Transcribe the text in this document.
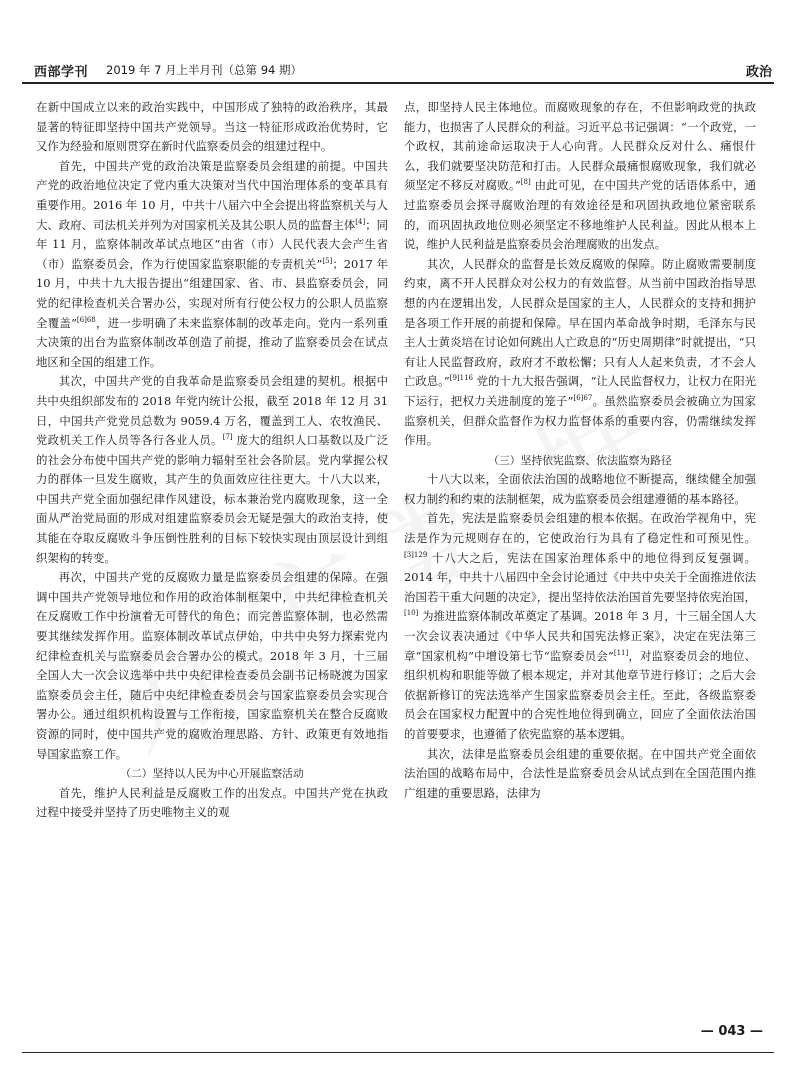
西部学刊 2019 年 7 月上半月刊（总第 94 期）	政治

在新中国成立以来的政治实践中，中国形成了独特的政治秩序，其最显著的特征即坚持中国共产党领导。当这一特征形成政治优势时，它又作为经验和原则贯穿在新时代监察委员会的组建过程中。

首先，中国共产党的政治决策是监察委员会组建的前提。中国共产党的政治地位决定了党内重大决策对当代中国治理体系的变革具有重要作用。2016 年 10 月，中共十八届六中全会提出将监察机关与人大、政府、司法机关并列为对国家机关及其公职人员的监督主体[4]；同年 11 月，监察体制改革试点地区“由省（市）人民代表大会产生省（市）监察委员会，作为行使国家监察职能的专责机关”[5]；2017 年 10 月，中共十九大报告提出“组建国家、省、市、县监察委员会，同党的纪律检查机关合署办公，实现对所有行使公权力的公职人员监察全覆盖”$^{[6]68}$，进一步明确了未来监察体制的改革走向。党内一系列重大决策的出台为监察体制改革创造了前提，推动了监察委员会在试点地区和全国的组建工作。

其次，中国共产党的自我革命是监察委员会组建的契机。根据中共中央组织部发布的 2018 年党内统计公报，截至 2018 年 12 月 31 日，中国共产党党员总数为 9059.4 万名，覆盖到工人、农牧渔民、党政机关工作人员等各行各业人员。[7] 庞大的组织人口基数以及广泛的社会分布使中国共产党的影响力辐射至社会各阶层。党内掌握公权力的群体一旦发生腐败，其产生的负面效应往往更大。十八大以来，中国共产党全面加强纪律作风建设，标本兼治党内腐败现象，这一全面从严治党局面的形成对组建监察委员会无疑是强大的政治支持，使其能在夺取反腐败斗争压倒性胜利的目标下较快实现由顶层设计到组织架构的转变。

再次，中国共产党的反腐败力量是监察委员会组建的保障。在强调中国共产党领导地位和作用的政治体制框架中，中共纪律检查机关在反腐败工作中扮演着无可替代的角色；而完善监察体制，也必然需要其继续发挥作用。监察体制改革试点伊始，中共中央努力探索党内纪律检查机关与监察委员会合署办公的模式。2018 年 3 月，十三届全国人大一次会议选举中共中央纪律检查委员会副书记杨晓渡为国家监察委员会主任，随后中央纪律检查委员会与国家监察委员会实现合署办公。通过组织机构设置与工作衔接，国家监察机关在整合反腐败资源的同时，使中国共产党的腐败治理思路、方针、政策更有效地指导国家监察工作。

（二）坚持以人民为中心开展监察活动

首先，维护人民利益是反腐败工作的出发点。中国共产党在执政过程中接受并坚持了历史唯物主义的观

点，即坚持人民主体地位。而腐败现象的存在，不但影响政党的执政能力，也损害了人民群众的利益。习近平总书记强调：“一个政党，一个政权，其前途命运取决于人心向背。人民群众反对什么、痛恨什么，我们就要坚决防范和打击。人民群众最痛恨腐败现象，我们就必须坚定不移反对腐败。”[8] 由此可见，在中国共产党的话语体系中，通过监察委员会探寻腐败治理的有效途径是和巩固执政地位紧密联系的，而巩固执政地位则必须坚定不移地维护人民利益。因此从根本上说，维护人民利益是监察委员会治理腐败的出发点。

其次，人民群众的监督是长效反腐败的保障。防止腐败需要制度约束，离不开人民群众对公权力的有效监督。从当前中国政治指导思想的内在逻辑出发，人民群众是国家的主人，人民群众的支持和拥护是各项工作开展的前提和保障。早在国内革命战争时期，毛泽东与民主人士黄炎培在讨论如何跳出人亡政息的“历史周期律”时就提出，“只有让人民监督政府，政府才不敢松懈；只有人人起来负责，才不会人亡政息。”$^{[9]116}$ 党的十九大报告强调，“让人民监督权力，让权力在阳光下运行，把权力关进制度的笼子”$^{[6]67}$。虽然监察委员会被确立为国家监察机关，但群众监督作为权力监督体系的重要内容，仍需继续发挥作用。

（三）坚持依宪监察、依法监察为路径

十八大以来，全面依法治国的战略地位不断提高，继续健全加强权力制约和约束的法制框架，成为监察委员会组建遵循的基本路径。

首先，宪法是监察委员会组建的根本依据。在政治学视角中，宪法是作为元规则存在的，它使政治行为具有了稳定性和可预见性。$^{[3]129}$ 十八大之后，宪法在国家治理体系中的地位得到反复强调。2014 年，中共十八届四中全会讨论通过《中共中央关于全面推进依法治国若干重大问题的决定》，提出坚持依法治国首先要坚持依宪治国，[10] 为推进监察体制改革奠定了基调。2018 年 3 月，十三届全国人大一次会议表决通过《中华人民共和国宪法修正案》，决定在宪法第三章“国家机构”中增设第七节“监察委员会”[11]，对监察委员会的地位、组织机构和职能等做了根本规定，并对其他章节进行修订；之后大会依据新修订的宪法选举产生国家监察委员会主任。至此，各级监察委员会在国家权力配置中的合宪性地位得到确立，回应了全面依法治国的首要要求，也遵循了依宪监察的基本逻辑。

其次，法律是监察委员会组建的重要依据。在中国共产党全面依法治国的战略布局中，合法性是监察委员会从试点到在全国范围内推广组建的重要思路，法律为

— 043 —
